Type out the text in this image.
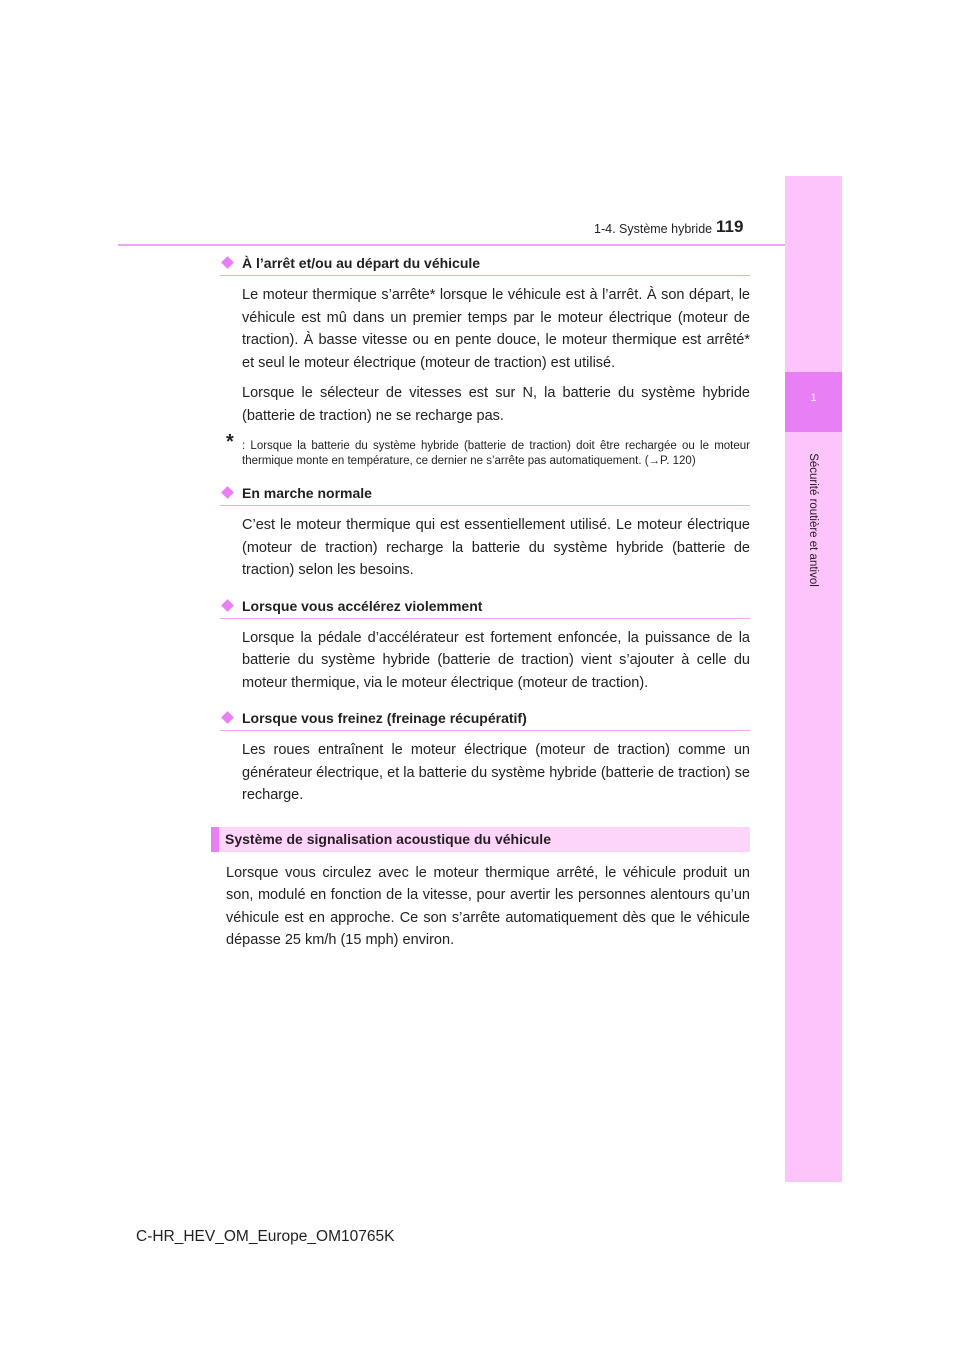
1
Sécurité routière et antivol
1-4. Système hybride 119
À l’arrêt et/ou au départ du véhicule

Le moteur thermique s’arrête* lorsque le véhicule est à l’arrêt. À son départ, le véhicule est mû dans un premier temps par le moteur électrique (moteur de traction). À basse vitesse ou en pente douce, le moteur thermique est arrêté* et seul le moteur électrique (moteur de traction) est utilisé.

Lorsque le sélecteur de vitesses est sur N, la batterie du système hybride (batterie de traction) ne se recharge pas.

* : Lorsque la batterie du système hybride (batterie de traction) doit être rechargée ou le moteur thermique monte en température, ce dernier ne s’arrête pas automatiquement. (→P. 120)
En marche normale

C’est le moteur thermique qui est essentiellement utilisé. Le moteur électrique (moteur de traction) recharge la batterie du système hybride (batterie de traction) selon les besoins.

Lorsque vous accélérez violemment

Lorsque la pédale d’accélérateur est fortement enfoncée, la puissance de la batterie du système hybride (batterie de traction) vient s’ajouter à celle du moteur thermique, via le moteur électrique (moteur de traction).

Lorsque vous freinez (freinage récupératif)

Les roues entraînent le moteur électrique (moteur de traction) comme un générateur électrique, et la batterie du système hybride (batterie de traction) se recharge.

Système de signalisation acoustique du véhicule

Lorsque vous circulez avec le moteur thermique arrêté, le véhicule produit un son, modulé en fonction de la vitesse, pour avertir les personnes alentours qu’un véhicule est en approche. Ce son s’arrête automatiquement dès que le véhicule dépasse 25 km/h (15 mph) environ.

C-HR_HEV_OM_Europe_OM10765K
